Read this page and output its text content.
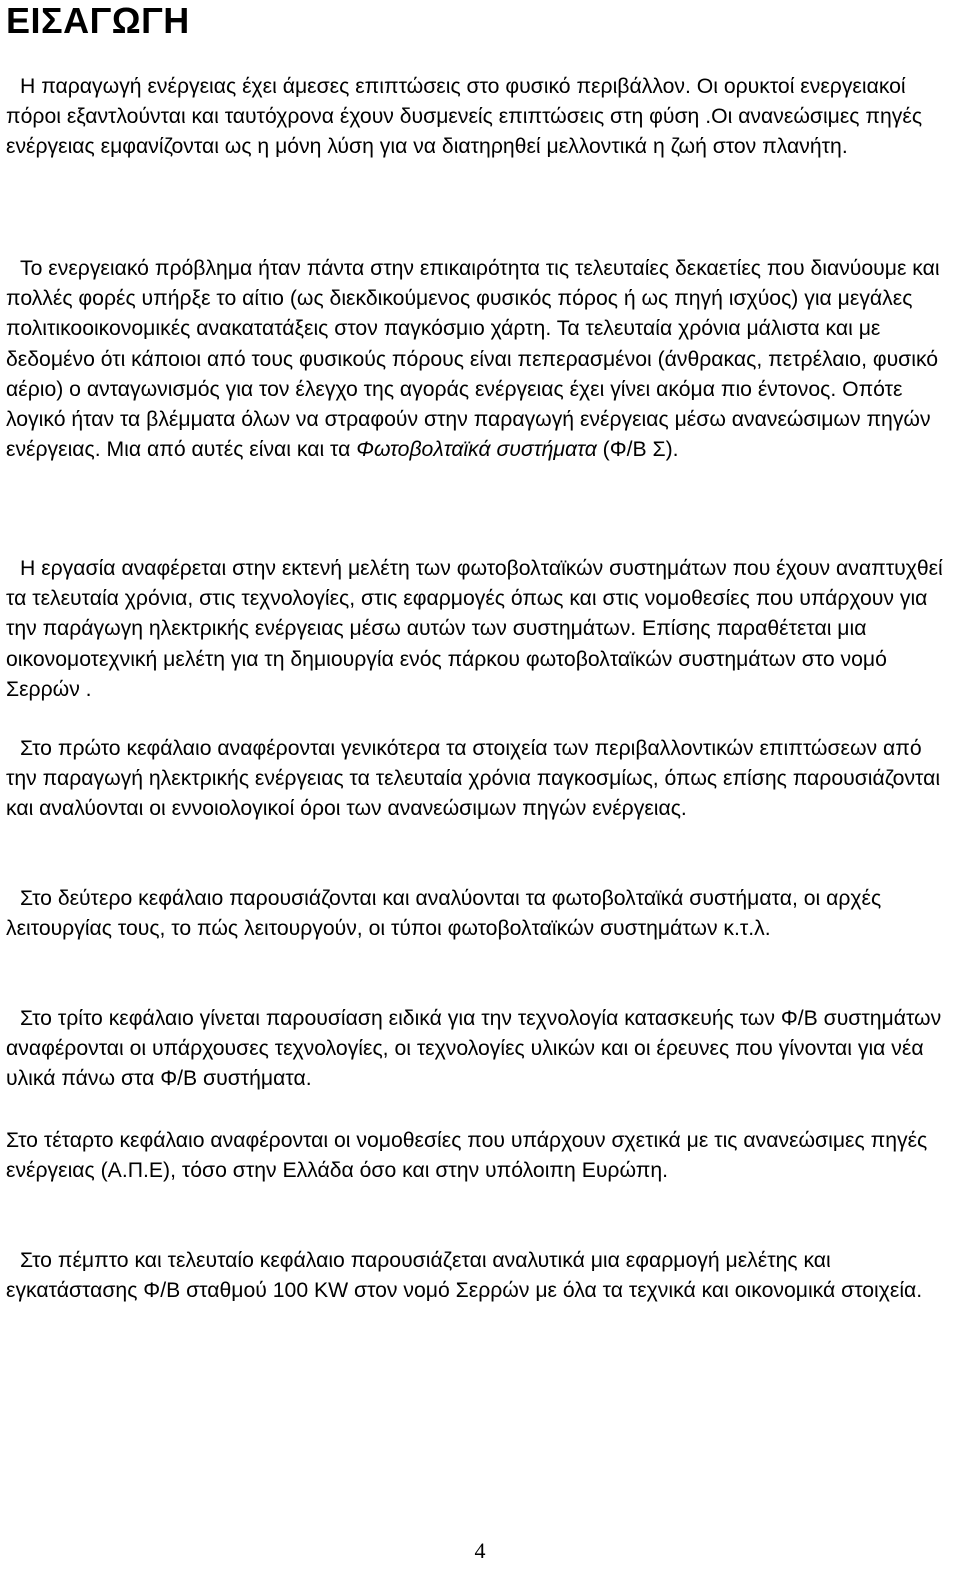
ΕΙΣΑΓΩΓΗ

Η παραγωγή ενέργειας έχει άμεσες επιπτώσεις στο φυσικό περιβάλλον. Οι ορυκτοί ενεργειακοί πόροι εξαντλούνται και ταυτόχρονα έχουν δυσμενείς επιπτώσεις στη φύση .Οι ανανεώσιμες πηγές ενέργειας εμφανίζονται ως η μόνη λύση για να διατηρηθεί μελλοντικά η ζωή στον πλανήτη.

Το ενεργειακό πρόβλημα ήταν πάντα στην επικαιρότητα τις τελευταίες δεκαετίες που διανύουμε και πολλές φορές υπήρξε το αίτιο (ως διεκδικούμενος φυσικός πόρος ή ως πηγή ισχύος) για μεγάλες πολιτικοοικονομικές ανακατατάξεις στον παγκόσμιο χάρτη. Τα τελευταία χρόνια μάλιστα και με δεδομένο ότι κάποιοι από τους φυσικούς πόρους είναι πεπερασμένοι (άνθρακας, πετρέλαιο, φυσικό αέριο) ο ανταγωνισμός για τον έλεγχο της αγοράς ενέργειας έχει γίνει ακόμα πιο έντονος. Οπότε λογικό ήταν τα βλέμματα όλων να στραφούν στην παραγωγή ενέργειας μέσω ανανεώσιμων πηγών ενέργειας. Μια από αυτές είναι και τα Φωτοβολταϊκά συστήματα (Φ/Β Σ).

Η εργασία αναφέρεται στην εκτενή μελέτη των φωτοβολταϊκών συστημάτων που έχουν αναπτυχθεί τα τελευταία χρόνια, στις τεχνολογίες, στις εφαρμογές όπως και στις νομοθεσίες που υπάρχουν για την παράγωγη ηλεκτρικής ενέργειας μέσω αυτών των συστημάτων. Επίσης παραθέτεται μια οικονομοτεχνική μελέτη για τη δημιουργία ενός πάρκου φωτοβολταϊκών συστημάτων στο νομό Σερρών .

Στο πρώτο κεφάλαιο αναφέρονται γενικότερα τα στοιχεία των περιβαλλοντικών επιπτώσεων από την παραγωγή ηλεκτρικής ενέργειας τα τελευταία χρόνια παγκοσμίως, όπως επίσης παρουσιάζονται και αναλύονται οι εννοιολογικοί όροι των ανανεώσιμων πηγών ενέργειας.

Στο δεύτερο κεφάλαιο παρουσιάζονται και αναλύονται τα φωτοβολταϊκά συστήματα, οι αρχές λειτουργίας τους, το πώς λειτουργούν, οι τύποι φωτοβολταϊκών συστημάτων κ.τ.λ.

Στο τρίτο κεφάλαιο γίνεται παρουσίαση ειδικά για την τεχνολογία κατασκευής των Φ/Β συστημάτων αναφέρονται οι υπάρχουσες τεχνολογίες, οι τεχνολογίες υλικών και οι έρευνες που γίνονται για νέα υλικά πάνω στα Φ/Β συστήματα.

Στο τέταρτο κεφάλαιο αναφέρονται οι νομοθεσίες που υπάρχουν σχετικά με τις ανανεώσιμες πηγές ενέργειας (Α.Π.Ε), τόσο στην Ελλάδα όσο και στην υπόλοιπη Ευρώπη.

Στο πέμπτο και τελευταίο κεφάλαιο παρουσιάζεται αναλυτικά μια εφαρμογή μελέτης και εγκατάστασης Φ/Β σταθμού 100 KW στον νομό Σερρών με όλα τα τεχνικά και οικονομικά στοιχεία.

4
